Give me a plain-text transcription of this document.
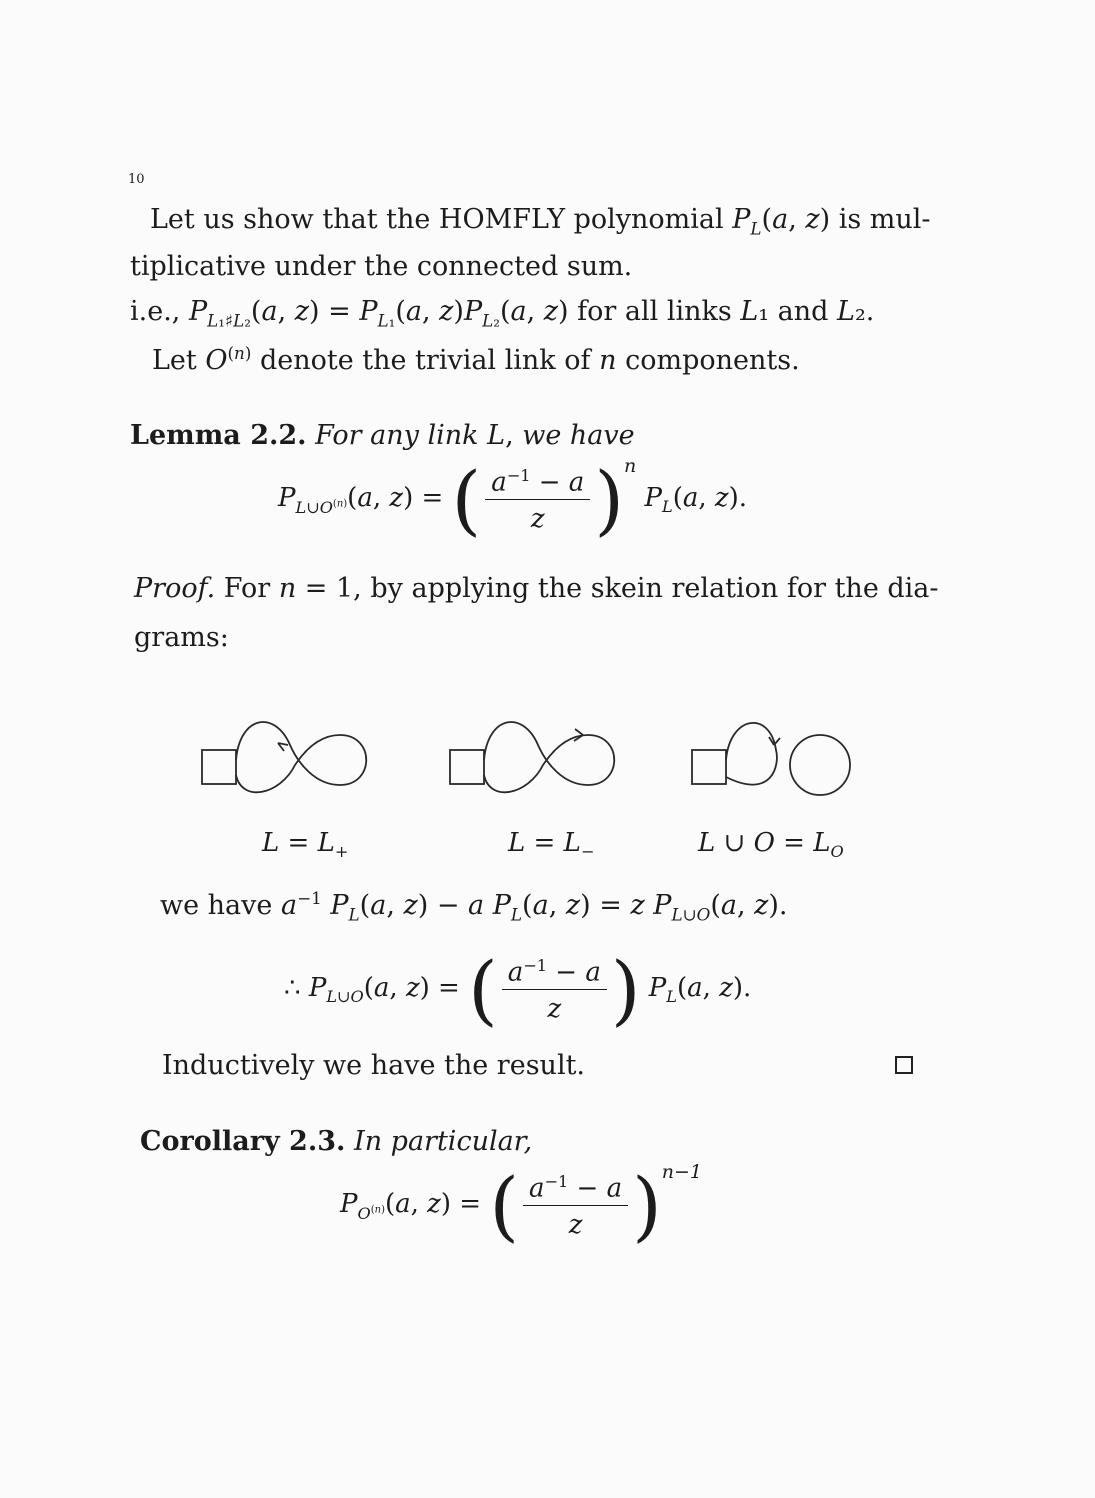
10
Let us show that the HOMFLY polynomial $P_L(a$, z) is mul-
tiplicative under the connected sum.
i.e., $P_{L_1♯L_2}(a$, $z) = P_{L_1}(a$, $z)P_{L_2}(a$, z) for all links L₁ and L₂.
Let $O^{(n)}$ denote the trivial link of n components.
Lemma 2.2. For any link L, we have
$P_{L\cup O^{(n)}}(a$, z) = ( $\frac{a^{-1} - a}{z}$ ) n
$P_L(a$, z).
Proof. For n = 1, by applying the skein relation for the dia-
grams:
$L = L_+$	$L = L_-$	L ∪ $O = L_O$
we have $a^{-1}$ $P_L(a$, z) − a $P_L(a$, z) = z $P_{L\cup O}(a$, z).
∴ $P_{L\cup O}(a$, z) = ( $\frac{a^{-1} - a}{z}$ ) $P_L(a$, z).
Inductively we have the result.
Corollary 2.3. In particular,
$P_{O^{(n)}}(a$, z) = ( $\frac{a^{-1} - a}{z}$ ) n−1
